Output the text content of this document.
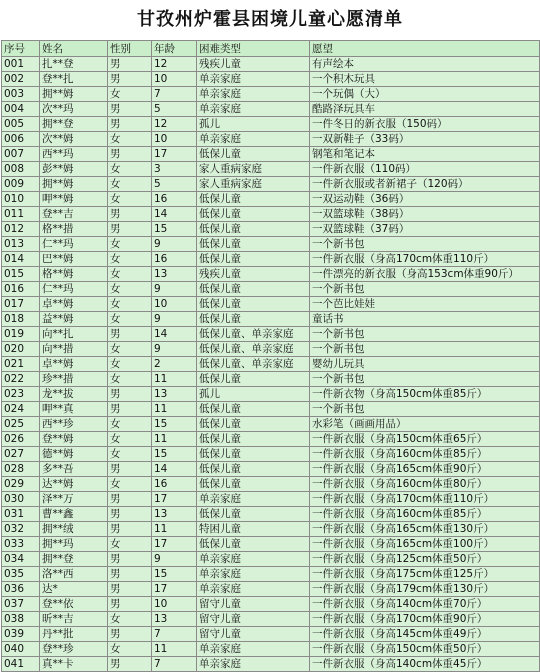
甘孜州炉霍县困境儿童心愿清单
序号	姓名	性别	年龄	困难类型	愿望
001	扎**登	男	12	残疾儿童	有声绘本
002	登**扎	男	10	单亲家庭	一个积木玩具
003	拥**姆	女	7	单亲家庭	一个玩偶（大）
004	次**玛	男	5	单亲家庭	酷路泽玩具车
005	拥**登	男	12	孤儿	一件冬日的新衣服（150码）
006	次**姆	女	10	单亲家庭	一双新鞋子（33码）
007	西**玛	男	17	低保儿童	钢笔和笔记本
008	彭**姆	女	3	家人重病家庭	一件新衣服（110码）
009	拥**姆	女	5	家人重病家庭	一件新衣服或者新裙子（120码）
010	呷**姆	女	16	低保儿童	一双运动鞋（36码）
011	登**吉	男	14	低保儿童	一双篮球鞋（38码）
012	格**措	男	15	低保儿童	一双篮球鞋（37码）
013	仁**玛	女	9	低保儿童	一个新书包
014	巴**姆	女	16	低保儿童	一件新衣服（身高170cm体重110斤）
015	格**姆	女	13	残疾儿童	一件漂亮的新衣服（身高153cm体重90斤）
016	仁**玛	女	9	低保儿童	一个新书包
017	卓**姆	女	10	低保儿童	一个芭比娃娃
018	益**姆	女	9	低保儿童	童话书
019	向**扎	男	14	低保儿童、单亲家庭	一个新书包
020	向**措	女	9	低保儿童、单亲家庭	一个新书包
021	卓**姆	女	2	低保儿童、单亲家庭	婴幼儿玩具
022	珍**措	女	11	低保儿童	一个新书包
023	龙**拔	男	13	孤儿	一件新衣物（身高150cm体重85斤）
024	呷**真	男	11	低保儿童	一个新书包
025	西**珍	女	15	低保儿童	水彩笔（画画用品）
026	登**姆	女	11	低保儿童	一件新衣服（身高150cm体重65斤）
027	德**姆	女	15	低保儿童	一件新衣服（身高160cm体重85斤）
028	多**吾	男	14	低保儿童	一件新衣服（身高165cm体重90斤）
029	达**姆	女	16	低保儿童	一件新衣服（身高160cm体重80斤）
030	泽**万	男	17	单亲家庭	一件新衣服（身高170cm体重110斤）
031	曹**鑫	男	13	低保儿童	一件新衣服（身高160cm体重85斤）
032	拥**绒	男	11	特困儿童	一件新衣服（身高165cm体重130斤）
033	拥**玛	女	17	低保儿童	一件新衣服（身高165cm体重100斤）
034	拥**登	男	9	单亲家庭	一件新衣服（身高125cm体重50斤）
035	洛**西	男	15	单亲家庭	一件新衣服（身高175cm体重125斤）
036	达*	男	17	单亲家庭	一件新衣服（身高179cm体重130斤）
037	登**依	男	10	留守儿童	一件新衣服（身高140cm体重70斤）
038	昕**吉	女	13	留守儿童	一件新衣服（身高170cm体重90斤）
039	丹**批	男	7	留守儿童	一件新衣服（身高145cm体重49斤）
040	登**珍	女	11	单亲家庭	一件新衣服（身高150cm体重50斤）
041	真**卡	男	7	单亲家庭	一件新衣服（身高140cm体重45斤）
